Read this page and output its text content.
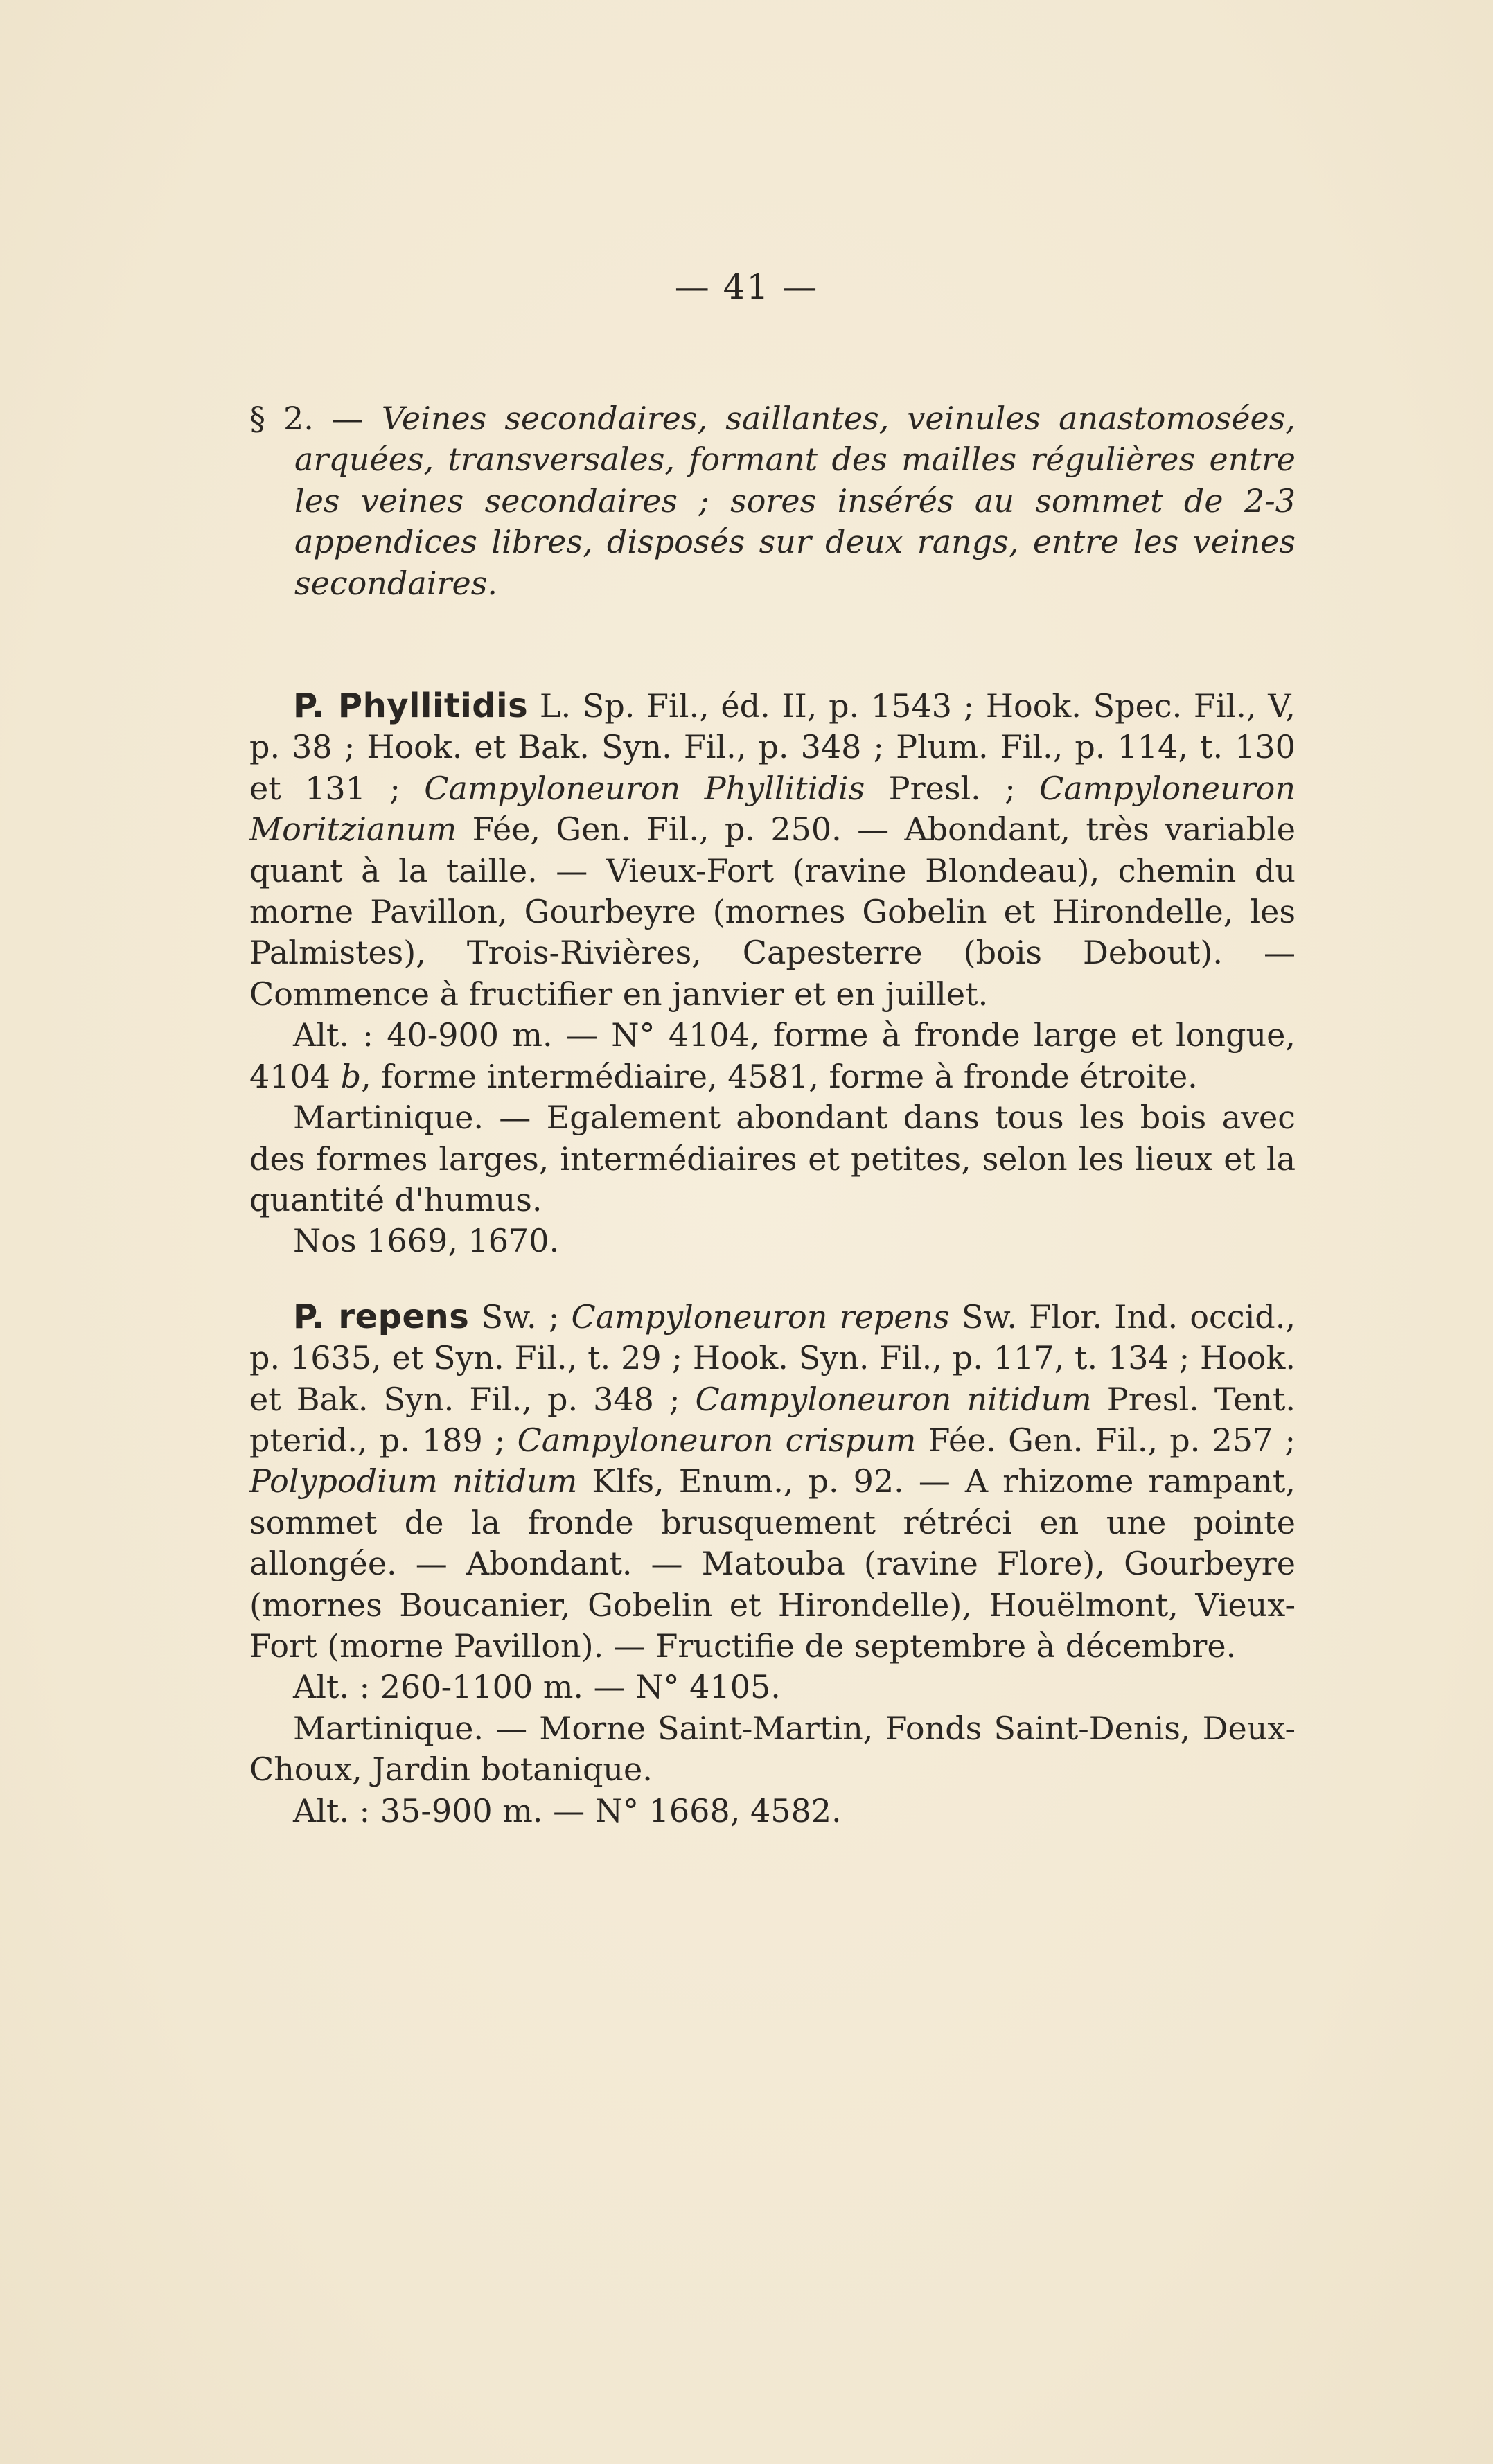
— 41 —

§ 2. — Veines secondaires, saillantes, veinules anastomosées, arquées, transversales, formant des mailles régulières entre les veines secondaires ; sores insérés au sommet de 2-3 appendices libres, disposés sur deux rangs, entre les veines secondaires.

P. Phyllitidis L. Sp. Fil., éd. II, p. 1543 ; Hook. Spec. Fil., V, p. 38 ; Hook. et Bak. Syn. Fil., p. 348 ; Plum. Fil., p. 114, t. 130 et 131 ; Campyloneuron Phyllitidis Presl. ; Campyloneuron Moritzianum Fée, Gen. Fil., p. 250. — Abondant, très variable quant à la taille. — Vieux-Fort (ravine Blondeau), chemin du morne Pavillon, Gourbeyre (mornes Gobelin et Hirondelle, les Palmistes), Trois-Rivières, Capesterre (bois Debout). — Commence à fructifier en janvier et en juillet.

Alt. : 40-900 m. — N° 4104, forme à fronde large et longue, 4104 b, forme intermédiaire, 4581, forme à fronde étroite.

Martinique. — Egalement abondant dans tous les bois avec des formes larges, intermédiaires et petites, selon les lieux et la quantité d'humus.

Nos 1669, 1670.

P. repens Sw. ; Campyloneuron repens Sw. Flor. Ind. occid., p. 1635, et Syn. Fil., t. 29 ; Hook. Syn. Fil., p. 117, t. 134 ; Hook. et Bak. Syn. Fil., p. 348 ; Campyloneuron nitidum Presl. Tent. pterid., p. 189 ; Campyloneuron crispum Fée. Gen. Fil., p. 257 ; Polypodium nitidum Klfs, Enum., p. 92. — A rhizome rampant, sommet de la fronde brusquement rétréci en une pointe allongée. — Abondant. — Matouba (ravine Flore), Gourbeyre (mornes Boucanier, Gobelin et Hirondelle), Houëlmont, Vieux-Fort (morne Pavillon). — Fructifie de septembre à décembre.

Alt. : 260-1100 m. — N° 4105.

Martinique. — Morne Saint-Martin, Fonds Saint-Denis, Deux-Choux, Jardin botanique.

Alt. : 35-900 m. — N° 1668, 4582.
